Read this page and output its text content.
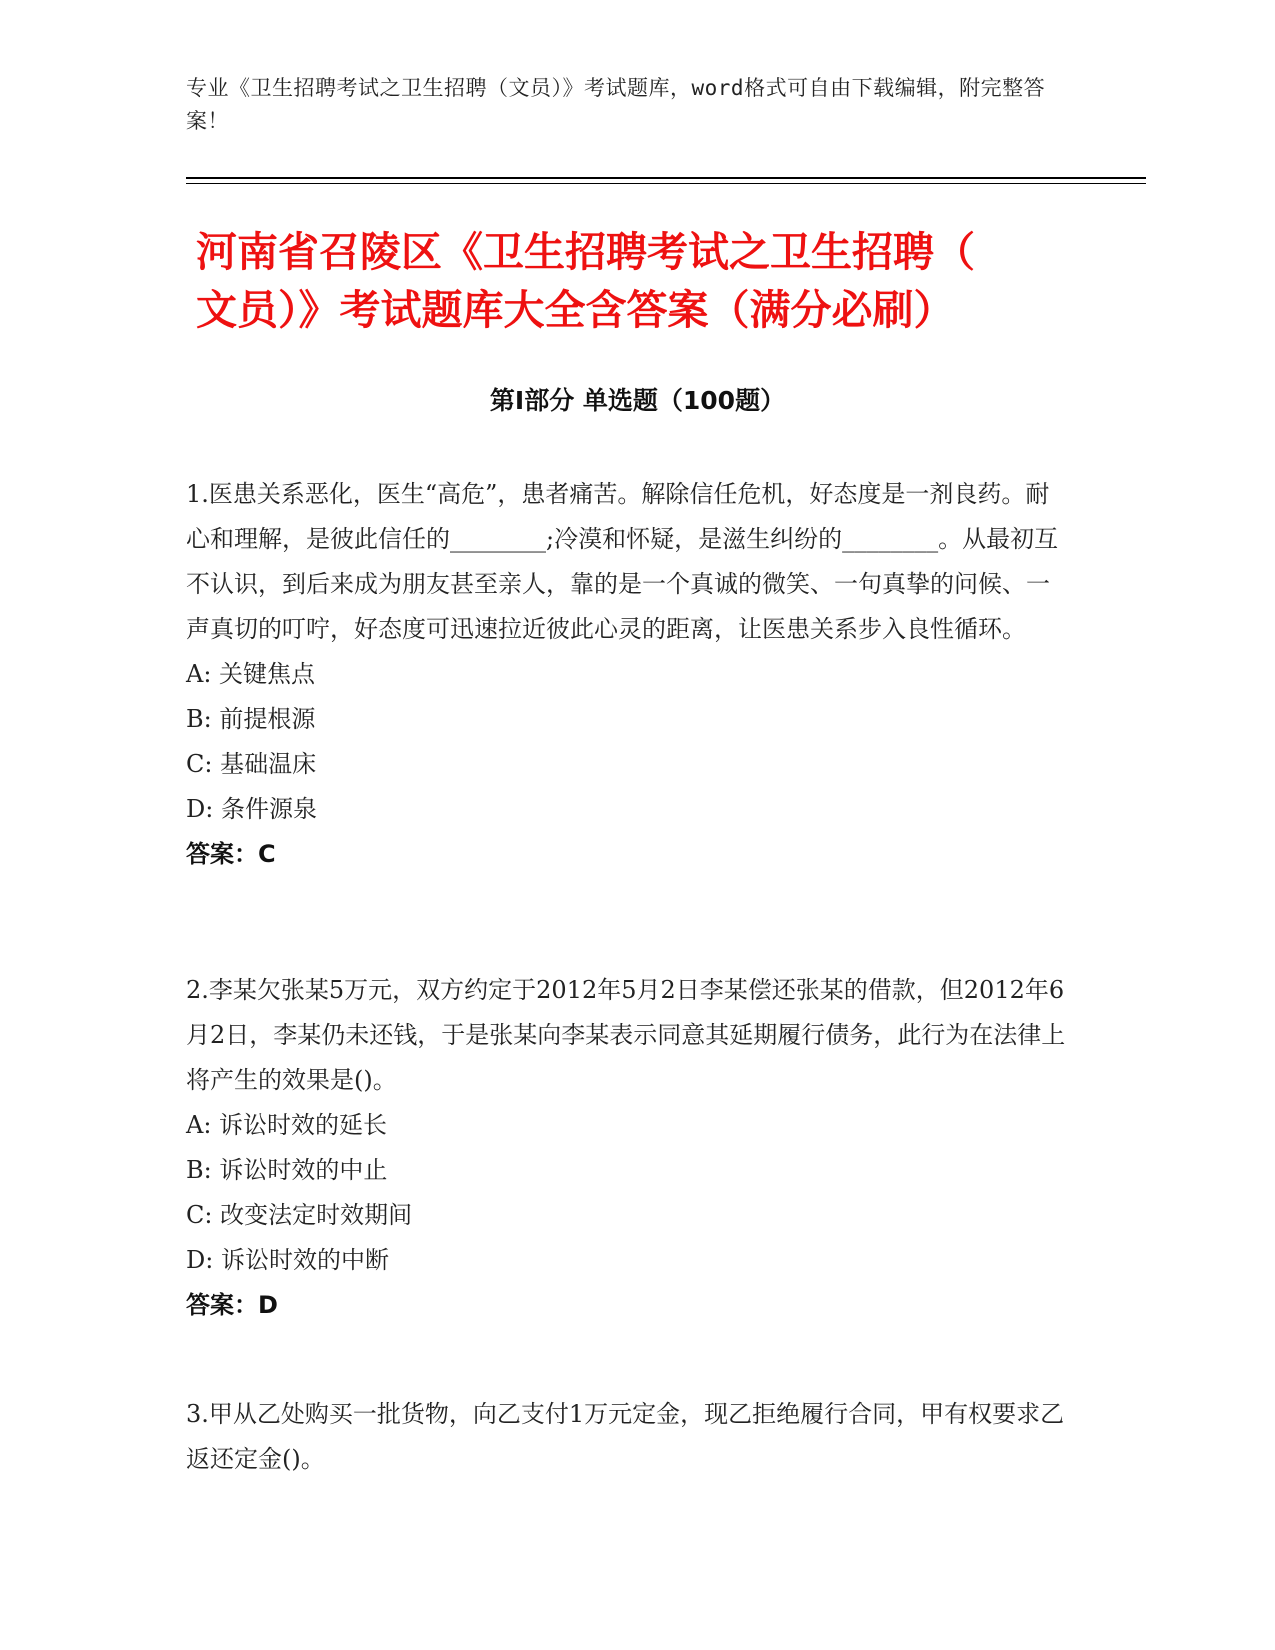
专业《卫生招聘考试之卫生招聘（文员）》考试题库，word格式可自由下载编辑，附完整答案！
河南省召陵区《卫生招聘考试之卫生招聘（
文员）》考试题库大全含答案（满分必刷）
第Ⅰ部分 单选题（100题）

1.医患关系恶化，医生“高危”，患者痛苦。解除信任危机，好态度是一剂良药。耐心和理解，是彼此信任的________;冷漠和怀疑，是滋生纠纷的________。从最初互不认识，到后来成为朋友甚至亲人，靠的是一个真诚的微笑、一句真挚的问候、一声真切的叮咛，好态度可迅速拉近彼此心灵的距离，让医患关系步入良性循环。

A: 关键焦点

B: 前提根源

C: 基础温床

D: 条件源泉

答案：C

2.李某欠张某5万元，双方约定于2012年5月2日李某偿还张某的借款，但2012年6月2日，李某仍未还钱，于是张某向李某表示同意其延期履行债务，此行为在法律上将产生的效果是()。

A: 诉讼时效的延长

B: 诉讼时效的中止

C: 改变法定时效期间

D: 诉讼时效的中断

答案：D

3.甲从乙处购买一批货物，向乙支付1万元定金，现乙拒绝履行合同，甲有权要求乙返还定金()。
